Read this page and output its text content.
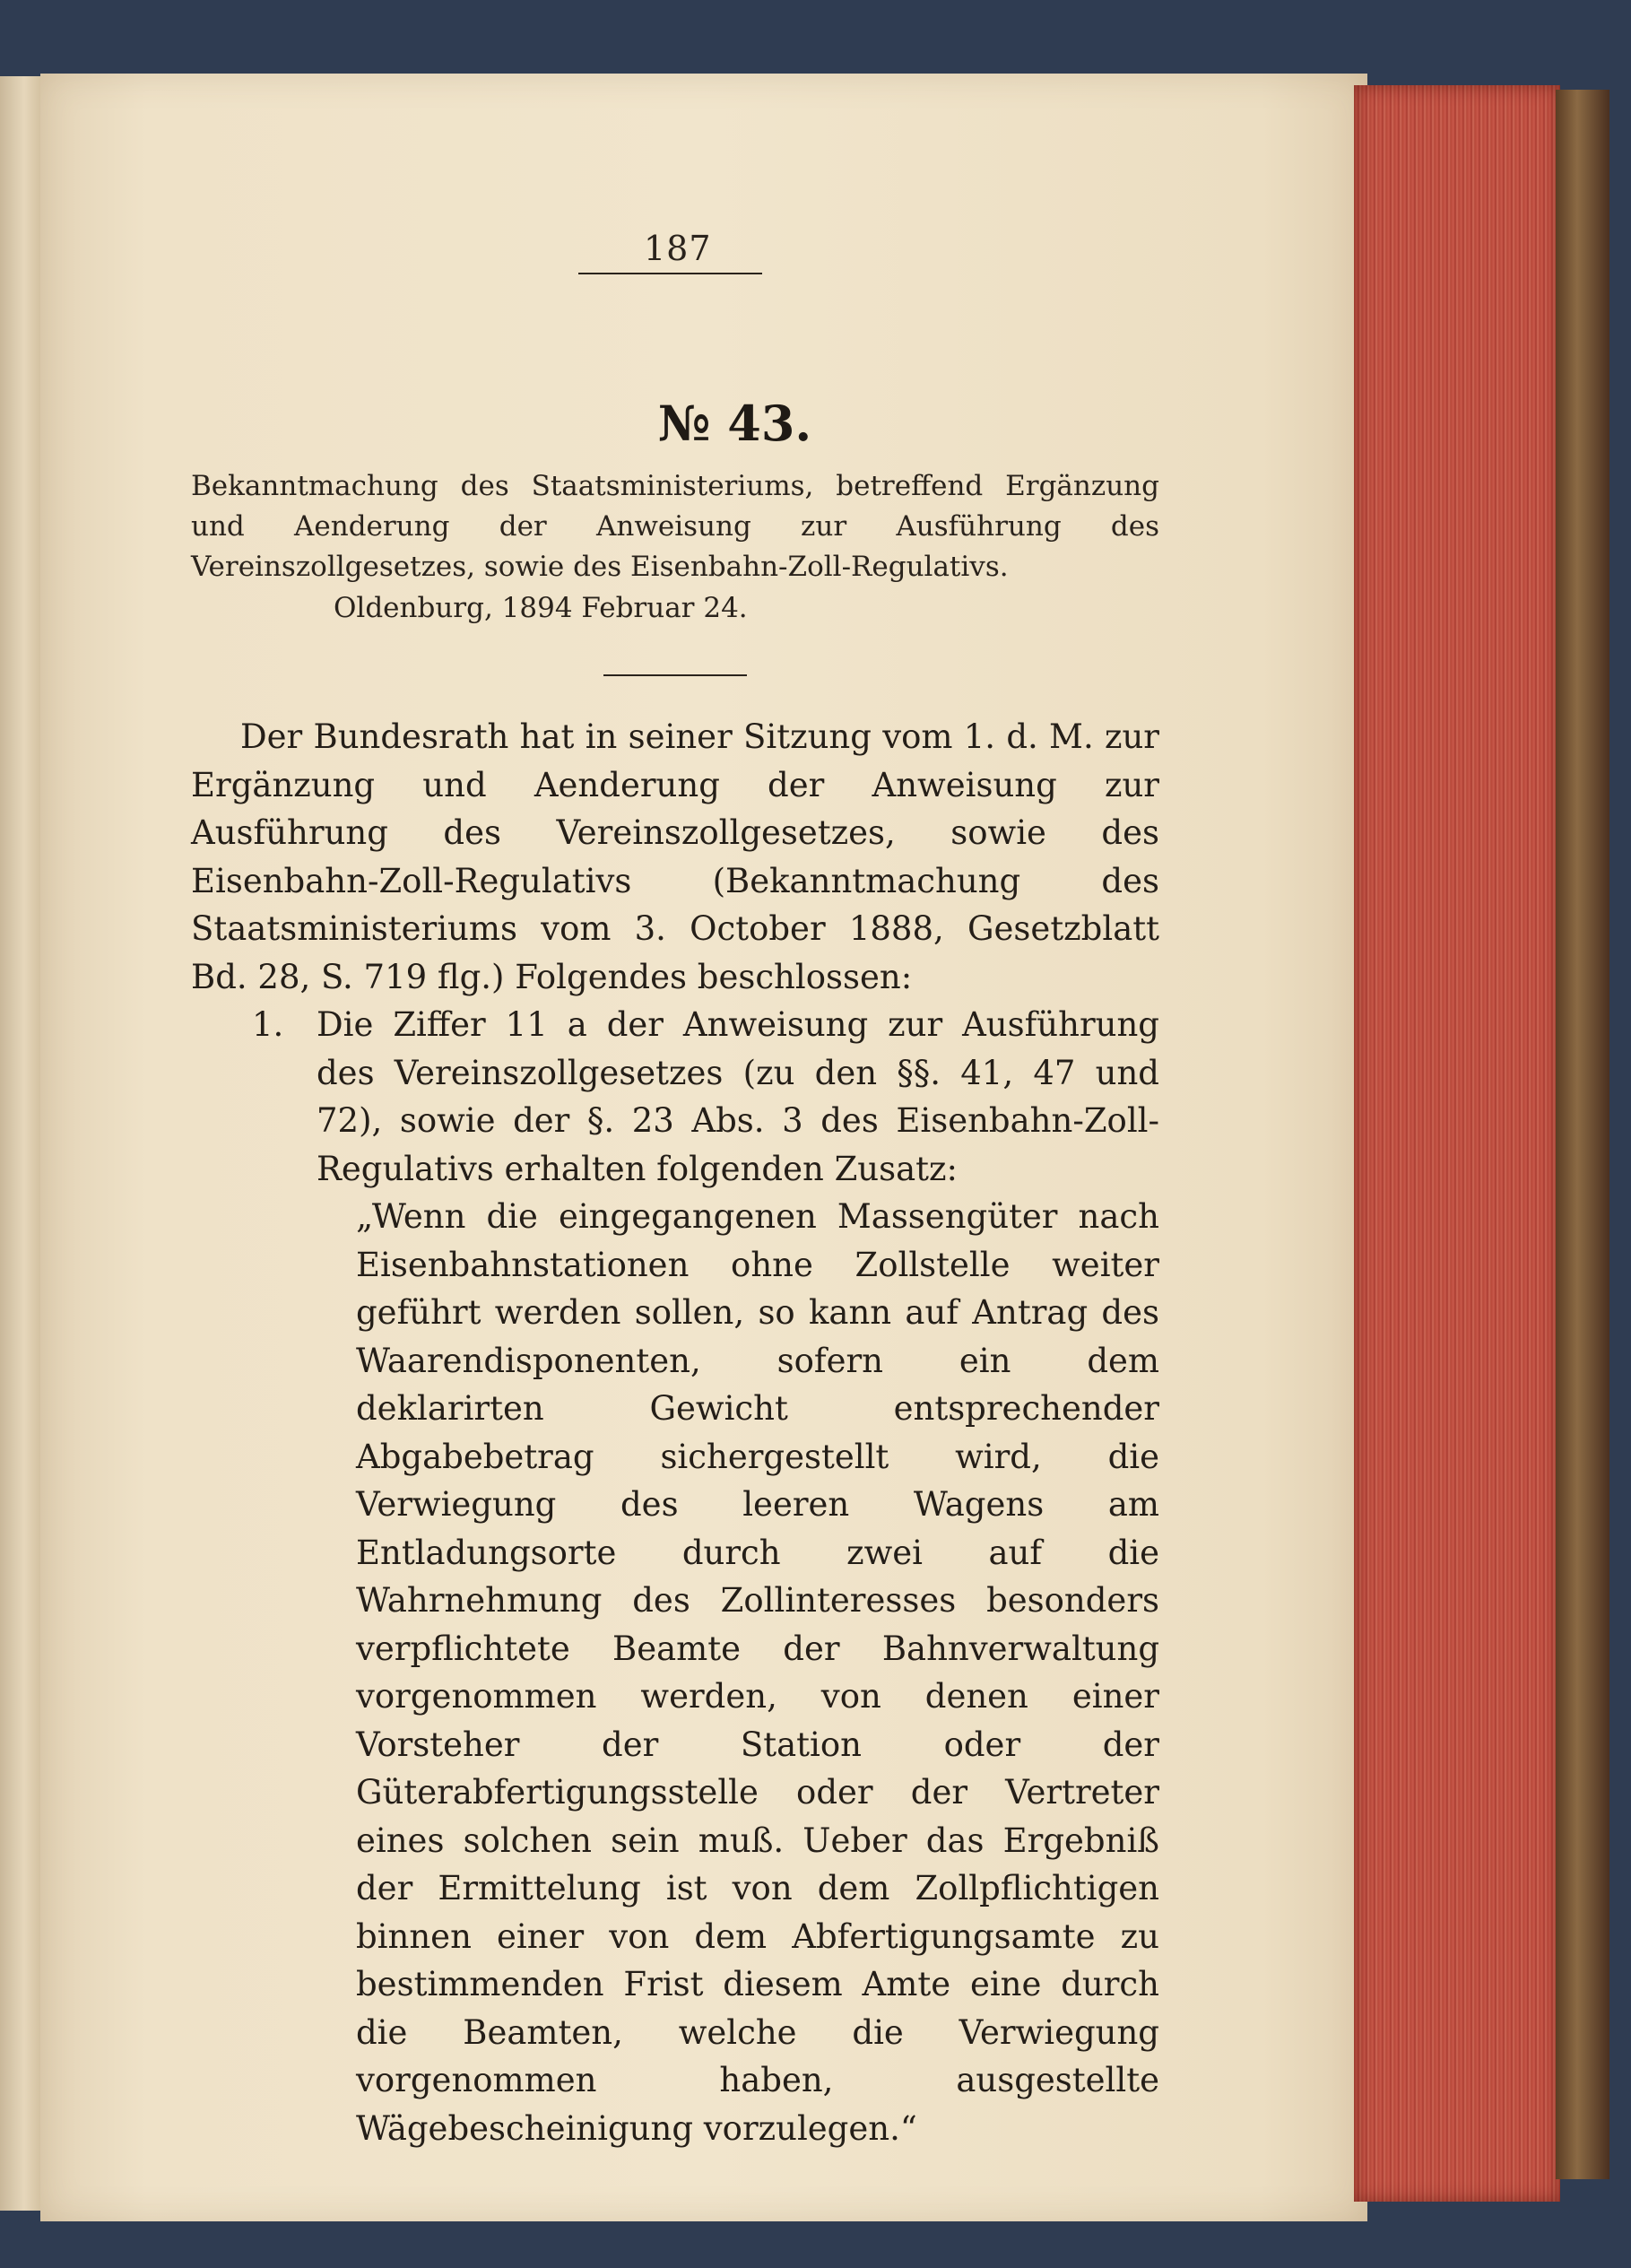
187
№ 43.
Bekanntmachung des Staatsministeriums, betreffend Ergänzung und Aenderung der Anweisung zur Ausführung des Vereinszollgesetzes, sowie des Eisenbahn-Zoll-Regulativs.
Oldenburg, 1894 Februar 24.
Der Bundesrath hat in seiner Sitzung vom 1. d. M. zur Ergänzung und Aenderung der Anweisung zur Ausführung des Vereinszollgesetzes, sowie des Eisenbahn-Zoll-Regulativs (Bekanntmachung des Staatsministeriums vom 3. October 1888, Gesetzblatt Bd. 28, S. 719 flg.) Folgendes beschlossen:
1. Die Ziffer 11 a der Anweisung zur Ausführung des Vereinszollgesetzes (zu den §§. 41, 47 und 72), sowie der §. 23 Abs. 3 des Eisenbahn-Zoll-Regulativs erhalten folgenden Zusatz:
„Wenn die eingegangenen Massengüter nach Eisenbahnstationen ohne Zollstelle weiter geführt werden sollen, so kann auf Antrag des Waarendisponenten, sofern ein dem deklarirten Gewicht entsprechender Abgabebetrag sichergestellt wird, die Verwiegung des leeren Wagens am Entladungsorte durch zwei auf die Wahrnehmung des Zollinteresses besonders verpflichtete Beamte der Bahnverwaltung vorgenommen werden, von denen einer Vorsteher der Station oder der Güterabfertigungsstelle oder der Vertreter eines solchen sein muß. Ueber das Ergebniß der Ermittelung ist von dem Zollpflichtigen binnen einer von dem Abfertigungsamte zu bestimmenden Frist diesem Amte eine durch die Beamten, welche die Verwiegung vorgenommen haben, ausgestellte Wägebescheinigung vorzulegen.“
